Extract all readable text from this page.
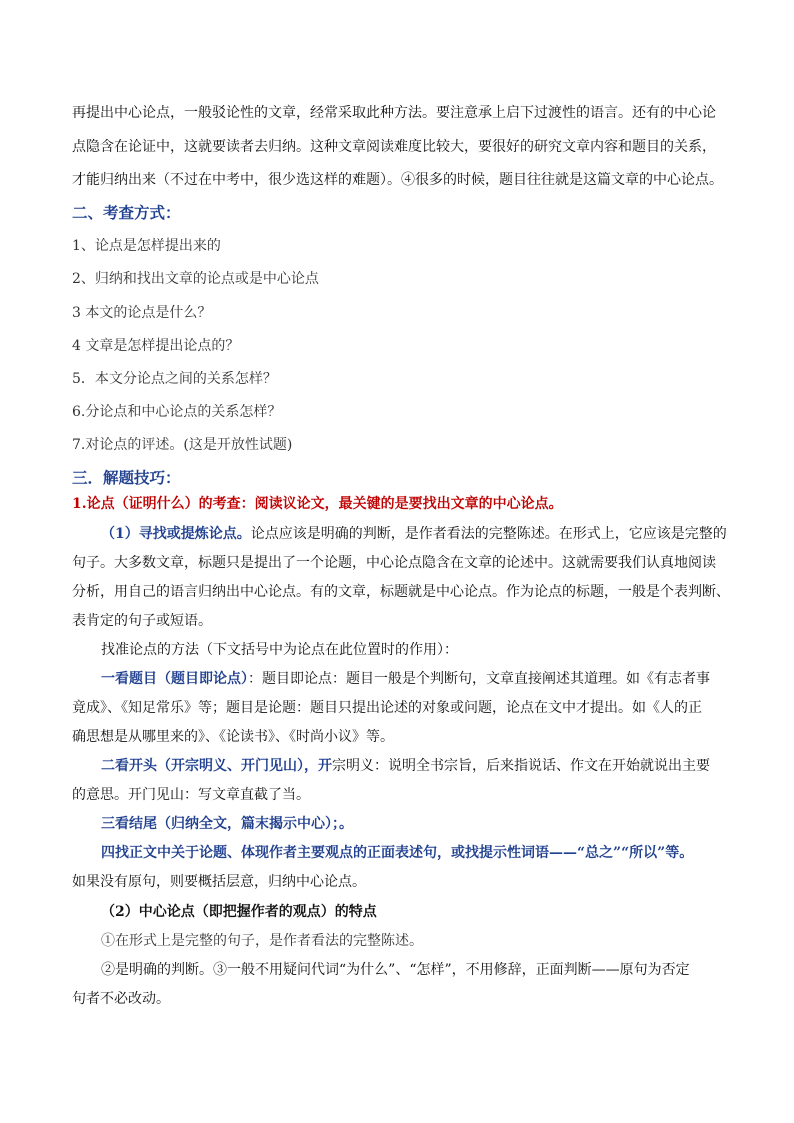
再提出中心论点，一般驳论性的文章，经常采取此种方法。要注意承上启下过渡性的语言。还有的中心论
点隐含在论证中，这就要读者去归纳。这种文章阅读难度比较大，要很好的研究文章内容和题目的关系，
才能归纳出来（不过在中考中，很少选这样的难题）。④很多的时候，题目往往就是这篇文章的中心论点。
二、考查方式：
1、论点是怎样提出来的
2、归纳和找出文章的论点或是中心论点
3 本文的论点是什么？
4 文章是怎样提出论点的？
5．本文分论点之间的关系怎样？
6.分论点和中心论点的关系怎样？
7.对论点的评述。(这是开放性试题)
三．解题技巧：
1.论点（证明什么）的考查：阅读议论文，最关键的是要找出文章的中心论点。
（1）寻找或提炼论点。论点应该是明确的判断，是作者看法的完整陈述。在形式上，它应该是完整的
句子。大多数文章，标题只是提出了一个论题，中心论点隐含在文章的论述中。这就需要我们认真地阅读
分析，用自己的语言归纳出中心论点。有的文章，标题就是中心论点。作为论点的标题，一般是个表判断、
表肯定的句子或短语。
找准论点的方法（下文括号中为论点在此位置时的作用）：
一看题目（题目即论点）：题目即论点：题目一般是个判断句，文章直接阐述其道理。如《有志者事
竟成》、《知足常乐》等；题目是论题：题目只提出论述的对象或问题，论点在文中才提出。如《人的正
确思想是从哪里来的》、《论读书》、《时尚小议》等。
二看开头（开宗明义、开门见山），开宗明义：说明全书宗旨，后来指说话、作文在开始就说出主要
的意思。开门见山：写文章直截了当。
三看结尾（归纳全文，篇末揭示中心）；。
四找正文中关于论题、体现作者主要观点的正面表述句，或找提示性词语——“总之”“所以”等。
如果没有原句，则要概括层意，归纳中心论点。
（2）中心论点（即把握作者的观点）的特点
①在形式上是完整的句子，是作者看法的完整陈述。
②是明确的判断。③一般不用疑问代词“为什么”、“怎样”，不用修辞，正面判断——原句为否定
句者不必改动。
